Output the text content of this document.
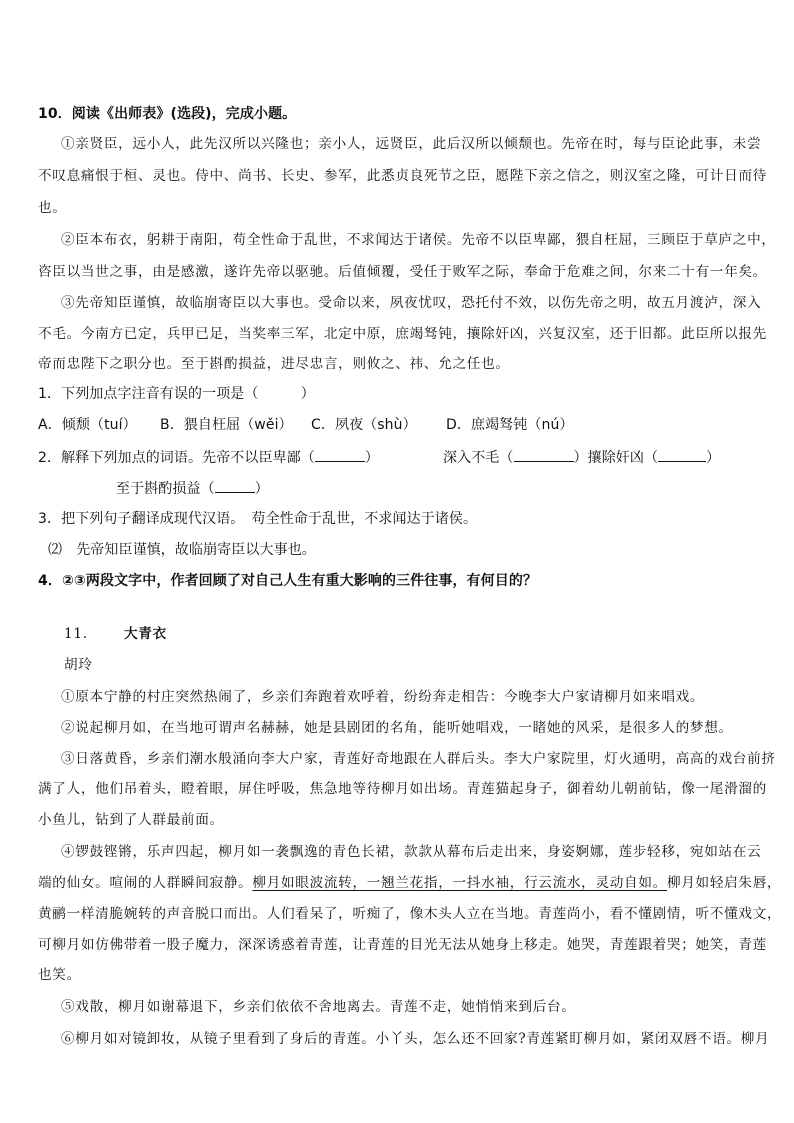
10．阅读《出师表》(选段)，完成小题。
①亲贤臣，远小人，此先汉所以兴隆也；亲小人，远贤臣，此后汉所以倾颓也。先帝在时，每与臣论此事，未尝
不叹息痛恨于桓、灵也。侍中、尚书、长史、参军，此悉贞良死节之臣，愿陛下亲之信之，则汉室之隆，可计日而待
也。
②臣本布衣，躬耕于南阳，苟全性命于乱世，不求闻达于诸侯。先帝不以臣卑鄙，猥自枉屈，三顾臣于草庐之中，
咨臣以当世之事，由是感激，遂许先帝以驱驰。后值倾覆，受任于败军之际，奉命于危难之间，尔来二十有一年矣。
③先帝知臣谨慎，故临崩寄臣以大事也。受命以来，夙夜忧叹，恐托付不效，以伤先帝之明，故五月渡泸，深入
不毛。今南方已定，兵甲已足，当奖率三军，北定中原，庶竭驽钝，攘除奸凶，兴复汉室，还于旧都。此臣所以报先
帝而忠陛下之职分也。至于斟酌损益，进尽忠言，则攸之、祎、允之任也。
1．下列加点字注音有误的一项是（　　　）
A．倾颓（tuí） B．猥自枉屈（wěi） C．夙夜（shù） D．庶竭驽钝（nú）
2．解释下列加点的词语。先帝不以臣卑鄙（	）	深入不毛（	）攘除奸凶（	）
至于斟酌损益（	）
3．把下列句子翻译成现代汉语。　苟全性命于乱世，不求闻达于诸侯。
⑵　先帝知臣谨慎，故临崩寄臣以大事也。
4．②③两段文字中，作者回顾了对自己人生有重大影响的三件往事，有何目的？
11.	大青衣
胡玲
①原本宁静的村庄突然热闹了，乡亲们奔跑着欢呼着，纷纷奔走相告：今晚李大户家请柳月如来唱戏。
②说起柳月如，在当地可谓声名赫赫，她是县剧团的名角，能听她唱戏，一睹她的风采，是很多人的梦想。
③日落黄昏，乡亲们潮水般涌向李大户家，青莲好奇地跟在人群后头。李大户家院里，灯火通明，高高的戏台前挤
满了人，他们吊着头，瞪着眼，屏住呼吸，焦急地等待柳月如出场。青莲猫起身子，御着幼儿朝前钻，像一尾滑溜的
小鱼儿，钻到了人群最前面。
④锣鼓铿锵，乐声四起，柳月如一袭飘逸的青色长裙，款款从幕布后走出来，身姿婀娜，莲步轻移，宛如站在云
端的仙女。喧闹的人群瞬间寂静。柳月如眼波流转，一翘兰花指，一抖水袖，行云流水，灵动自如。柳月如轻启朱唇，
黄鹂一样清脆婉转的声音脱口而出。人们看呆了，听痴了，像木头人立在当地。青莲尚小，看不懂剧情，听不懂戏文，
可柳月如仿佛带着一股子魔力，深深诱惑着青莲，让青莲的目光无法从她身上移走。她哭，青莲跟着哭；她笑，青莲
也笑。
⑤戏散，柳月如谢幕退下，乡亲们依依不舍地离去。青莲不走，她悄悄来到后台。
⑥柳月如对镜卸妆，从镜子里看到了身后的青莲。小丫头，怎么还不回家?青莲紧盯柳月如，紧闭双唇不语。柳月
